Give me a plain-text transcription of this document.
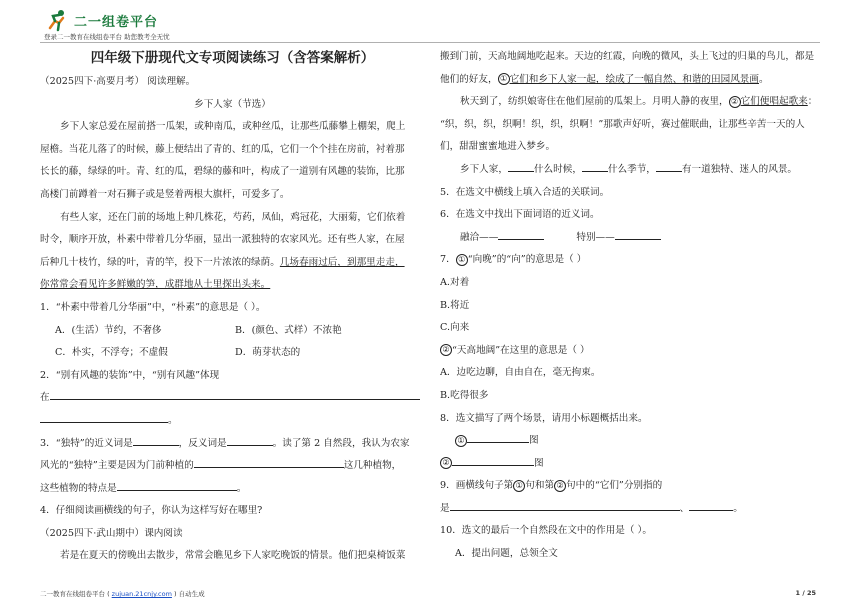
二一组卷平台
登录二一教育在线组卷平台 助您教考全无忧
四年级下册现代文专项阅读练习（含答案解析）
（2025四下·高要月考） 阅读理解。
乡下人家（节选）
乡下人家总爱在屋前搭一瓜架，或种南瓜，或种丝瓜，让那些瓜藤攀上棚架，爬上
屋檐。当花儿落了的时候，藤上便结出了青的、红的瓜，它们一个个挂在房前，衬着那
长长的藤，绿绿的叶。青、红的瓜，碧绿的藤和叶，构成了一道别有风趣的装饰，比那
高楼门前蹲着一对石狮子或是竖着两根大旗杆，可爱多了。
有些人家，还在门前的场地上种几株花，芍药，凤仙，鸡冠花，大丽菊，它们依着
时令，顺序开放，朴素中带着几分华丽，显出一派独特的农家风光。还有些人家，在屋
后种几十枝竹，绿的叶，青的竿，投下一片浓浓的绿荫。几场春雨过后，到那里走走，
你常常会看见许多鲜嫩的笋，成群地从土里探出头来。
1．“朴素中带着几分华丽”中，“朴素”的意思是（ ）。
A．(生活）节约，不奢侈	B．(颜色、式样）不浓艳
C．朴实，不浮夸；不虚假	D．萌芽状态的
2．“别有风趣的装饰”中，“别有风趣”体现
在
。
3．“独特”的近义词是	，反义词是	。读了第 2 自然段，我认为农家
风光的“独特”主要是因为门前种植的	这几种植物，
这些植物的特点是	。
4．仔细阅读画横线的句子，你认为这样写好在哪里?
（2025四下·武山期中）课内阅读
若是在夏天的傍晚出去散步，常常会瞧见乡下人家吃晚饭的情景。他们把桌椅饭菜
搬到门前，天高地阔地吃起来。天边的红霞，向晚的微风，头上飞过的归巢的鸟儿，都是
他们的好友， ① 它们和乡下人家一起，绘成了一幅自然、和谐的田园风景画。
秋天到了，纺织娘寄住在他们屋前的瓜架上。月明人静的夜里， ② 它们便唱起歌来：
“织，织，织，织啊！织，织，织啊！”那歌声好听，赛过催眠曲，让那些辛苦一天的人
们，甜甜蜜蜜地进入梦乡。
乡下人家，	什么时候，	什么季节，	有一道独特、迷人的风景。
5．在选文中横线上填入合适的关联词。
6．在选文中找出下面词语的近义词。
融洽——	特别——
7． ① “向晚”的“向”的意思是（ ）
A.对着
B.将近
C.向来
② “天高地阔”在这里的意思是（ ）
A．边吃边聊，自由自在，毫无拘束。
B.吃得很多
8．选文描写了两个场景，请用小标题概括出来。
①	图
②	图
9．画横线句子第 ① 句和第 ② 句中的“它们”分别指的
是	、	。
10．选文的最后一个自然段在文中的作用是（ ）。
A．提出问题，总领全文
二一教育在线组卷平台 ( zujuan.21cnjy.com ) 自动生成	1 / 25
